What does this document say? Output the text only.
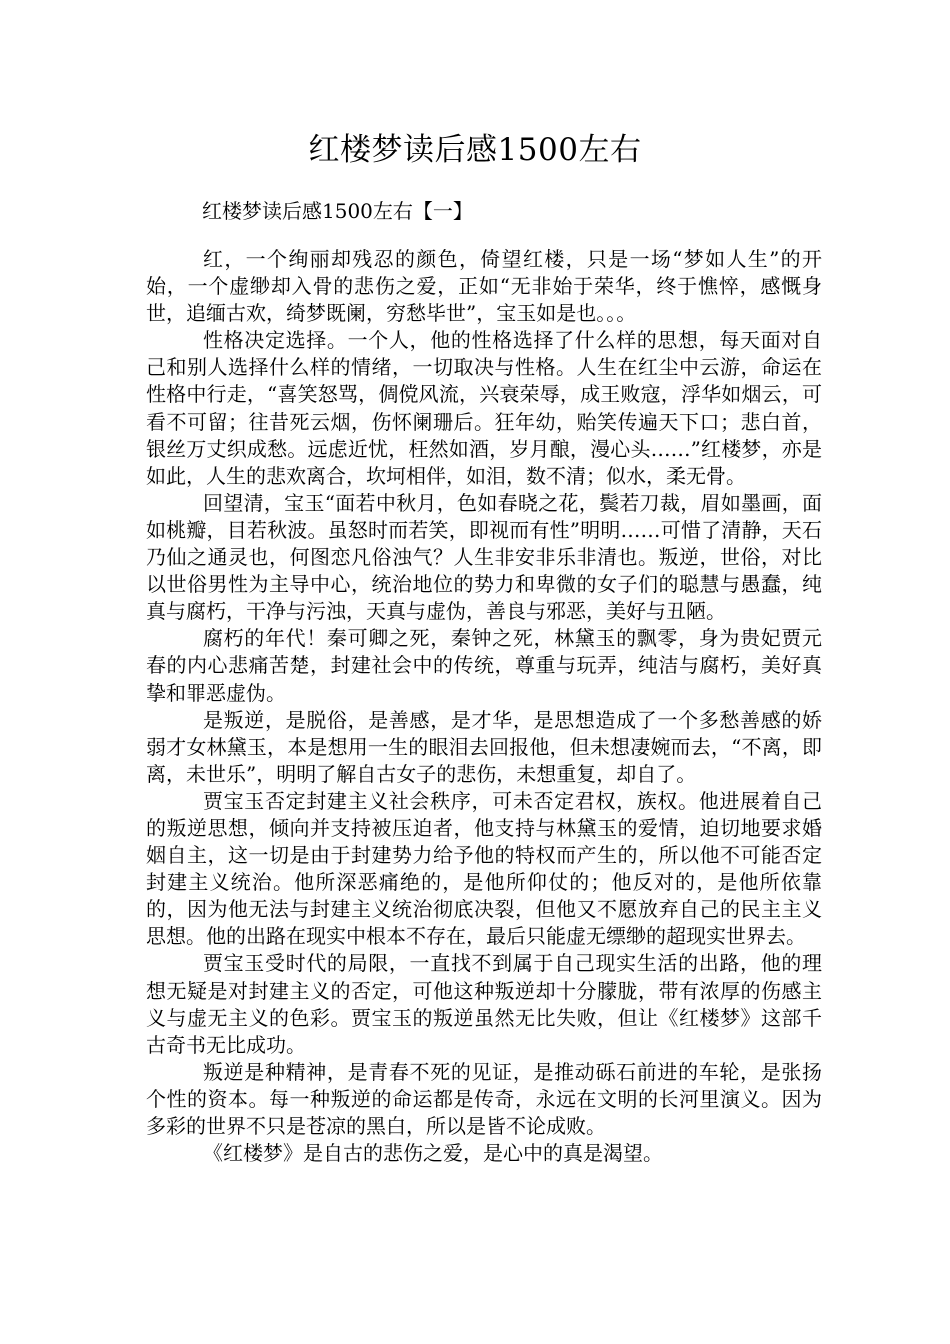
红楼梦读后感1500左右
红楼梦读后感1500左右【一】

红，一个绚丽却残忍的颜色，倚望红楼，只是一场“梦如人生”的开始，一个虚缈却入骨的悲伤之爱，正如“无非始于荣华，终于憔悴，感慨身世，追缅古欢，绮梦既阑，穷愁毕世”，宝玉如是也。。。

性格决定选择。一个人，他的性格选择了什么样的思想，每天面对自己和别人选择什么样的情绪，一切取决与性格。人生在红尘中云游，命运在性格中行走，“喜笑怒骂，倜傥风流，兴衰荣辱，成王败寇，浮华如烟云，可看不可留；往昔死云烟，伤怀阑珊后。狂年幼，贻笑传遍天下口；悲白首，银丝万丈织成愁。远虑近忧，枉然如酒，岁月酿，漫心头……”红楼梦，亦是如此，人生的悲欢离合，坎坷相伴，如泪，数不清；似水，柔无骨。

回望清，宝玉“面若中秋月，色如春晓之花，鬓若刀裁，眉如墨画，面如桃瓣，目若秋波。虽怒时而若笑，即视而有性”明明……可惜了清静，天石乃仙之通灵也，何图恋凡俗浊气？人生非安非乐非清也。叛逆，世俗，对比以世俗男性为主导中心，统治地位的势力和卑微的女子们的聪慧与愚蠢，纯真与腐朽，干净与污浊，天真与虚伪，善良与邪恶，美好与丑陋。

腐朽的年代！秦可卿之死，秦钟之死，林黛玉的飘零，身为贵妃贾元春的内心悲痛苦楚，封建社会中的传统，尊重与玩弄，纯洁与腐朽，美好真挚和罪恶虚伪。

是叛逆，是脱俗，是善感，是才华，是思想造成了一个多愁善感的娇弱才女林黛玉，本是想用一生的眼泪去回报他，但未想凄婉而去，“不离，即离，未世乐”，明明了解自古女子的悲伤，未想重复，却自了。

贾宝玉否定封建主义社会秩序，可未否定君权，族权。他进展着自己的叛逆思想，倾向并支持被压迫者，他支持与林黛玉的爱情，迫切地要求婚姻自主，这一切是由于封建势力给予他的特权而产生的，所以他不可能否定封建主义统治。他所深恶痛绝的，是他所仰仗的；他反对的，是他所依靠的，因为他无法与封建主义统治彻底决裂，但他又不愿放弃自己的民主主义思想。他的出路在现实中根本不存在，最后只能虚无缥缈的超现实世界去。

贾宝玉受时代的局限，一直找不到属于自己现实生活的出路，他的理想无疑是对封建主义的否定，可他这种叛逆却十分朦胧，带有浓厚的伤感主义与虚无主义的色彩。贾宝玉的叛逆虽然无比失败，但让《红楼梦》这部千古奇书无比成功。

叛逆是种精神，是青春不死的见证，是推动砾石前进的车轮，是张扬个性的资本。每一种叛逆的命运都是传奇，永远在文明的长河里演义。因为多彩的世界不只是苍凉的黑白，所以是皆不论成败。

《红楼梦》是自古的悲伤之爱，是心中的真是渴望。
